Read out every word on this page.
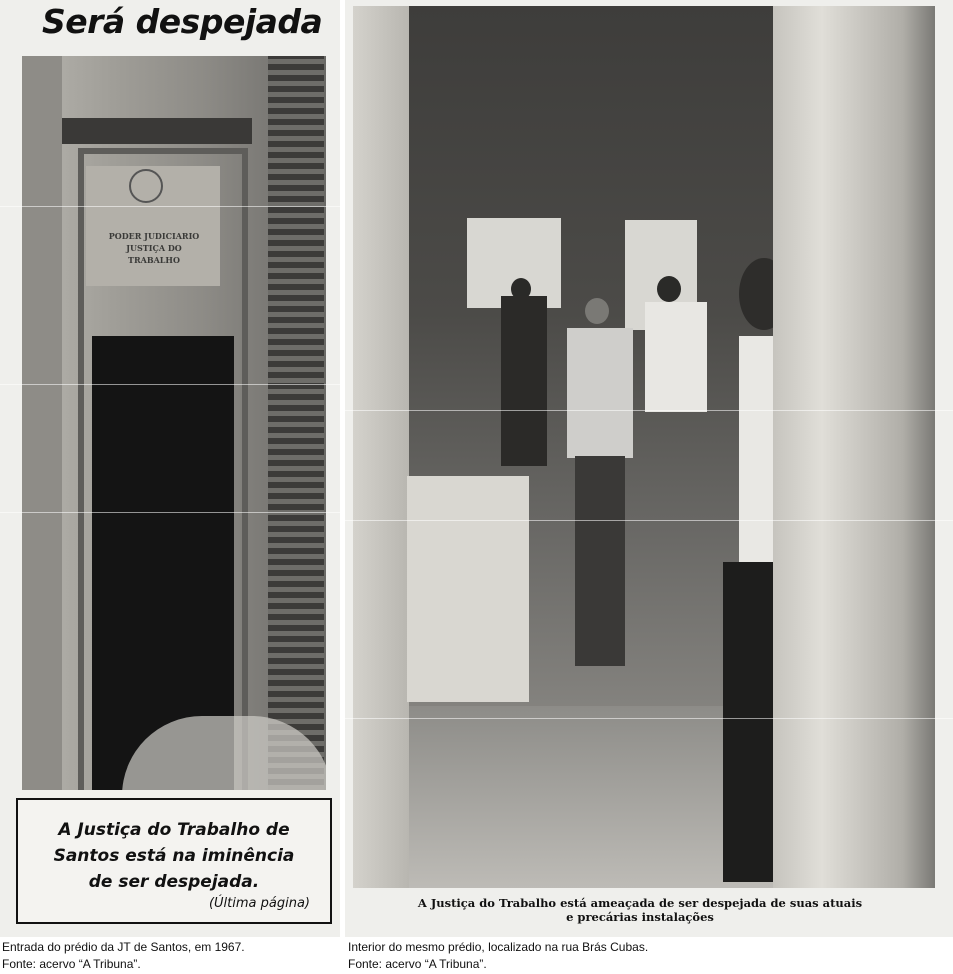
Será despejada
PODER JUDICIARIO
JUSTIÇA DO TRABALHO
A Justiça do Trabalho de
Santos está na iminência
de ser despejada.
(Última página)	A Justiça do Trabalho está ameaçada de ser despejada de suas atuais
e precárias instalações
Entrada do prédio da JT de Santos, em 1967.
Fonte: acervo “A Tribuna”.
Interior do mesmo prédio, localizado na rua Brás Cubas.
Fonte: acervo “A Tribuna”.
